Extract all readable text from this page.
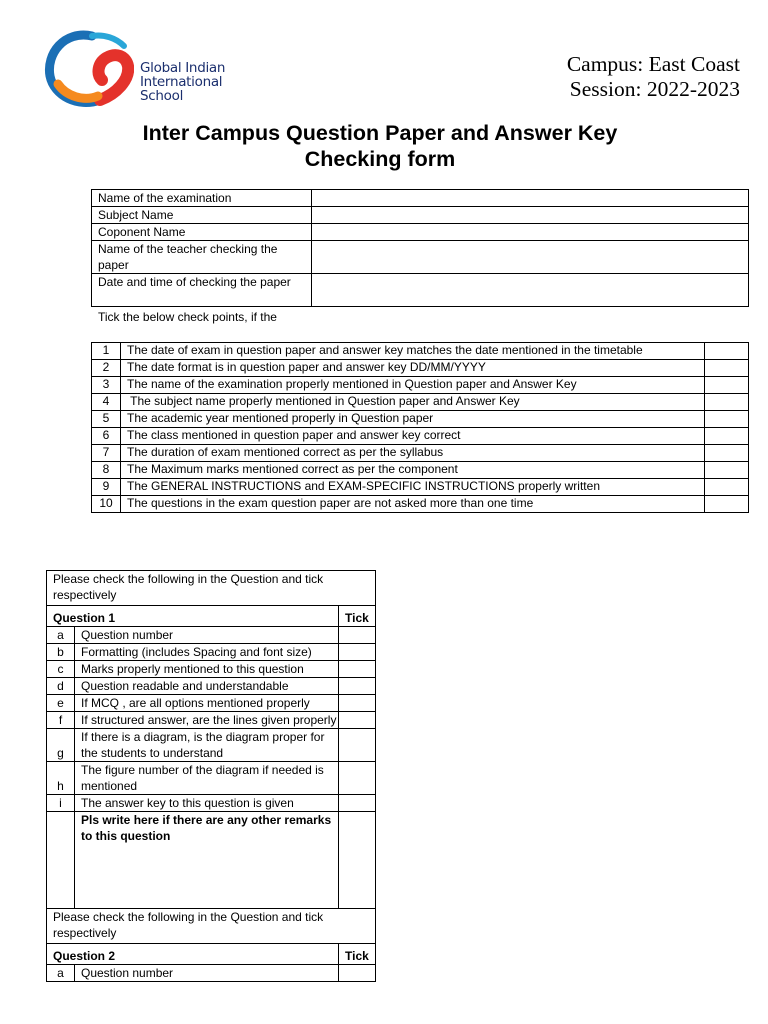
Global Indian
International
School
Campus: East Coast
Session: 2022-2023
Inter Campus Question Paper and Answer Key
Checking form
Name of the examination	
Subject Name	
Coponent Name	
Name of the teacher checking the paper	
Date and time of checking the paper	
Tick the below check points, if the
1	The date of exam in question paper and answer key matches the date mentioned in the timetable	
2	The date format is in question paper and answer key DD/MM/YYYY	
3	The name of the examination properly mentioned in Question paper and Answer Key	
4	The subject name properly mentioned in Question paper and Answer Key	
5	The academic year mentioned properly in Question paper	
6	The class mentioned in question paper and answer key correct	
7	The duration of exam mentioned correct as per the syllabus	
8	The Maximum marks mentioned correct as per the component	
9	The GENERAL INSTRUCTIONS and EXAM-SPECIFIC INSTRUCTIONS properly written	
10	The questions in the exam question paper are not asked more than one time	
Please check the following in the Question and tick respectively		
Question 1		Tick
a	Question number	
b	Formatting (includes Spacing and font size)	
c	Marks properly mentioned to this question	
d	Question readable and understandable	
e	If MCQ , are all options mentioned properly	
f	If structured answer, are the lines given properly	
g	If there is a diagram, is the diagram proper for the students to understand	
h	The figure number of the diagram if needed is mentioned	
i	The answer key to this question is given	
	Pls write here if there are any other remarks to this question	
Please check the following in the Question and tick respectively		
Question 2		Tick
a	Question number	
